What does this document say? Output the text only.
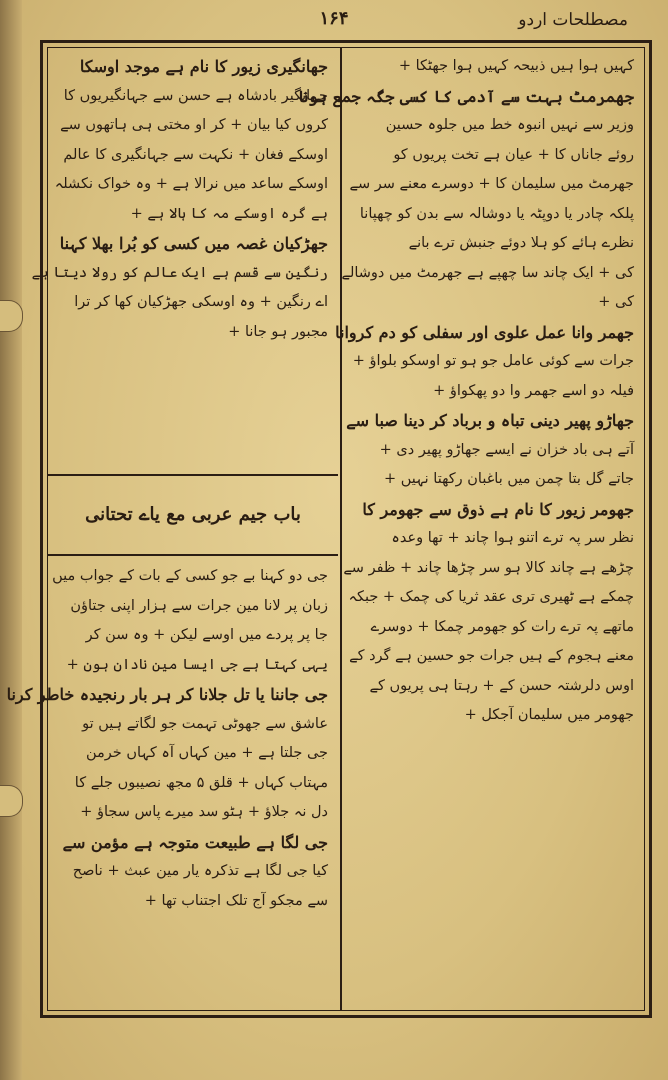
مصطلحات اردو
۱۶۴
کہیں ہوا ہیں ذبیحہ کہیں ہوا جھٹکا +
جھمرمٹ بہت سے آدمی کا کسی جگہ جمع ہونا
وزیر سے نہیں انبوہ خط میں جلوہ حسین
روئے جاناں کا + عیان ہے تخت پریوں کو
جھرمٹ میں سلیمان کا + دوسرے معنے سر سے
پلکہ چادر یا دوپٹہ یا دوشالہ سے بدن کو چھپانا
نظرے ہائے کو ہلا دوئے جنبش ترے بانے
کی + ایک چاند سا چھپے ہے جھرمٹ میں دوشالے
کی +
جھمر وانا عمل علوی اور سفلی کو دم کروانا
جرات سے کوئی عامل جو ہو تو اوسکو بلواؤ +
فیلہ دو اسے جھمر وا دو پھکواؤ +
جھاڑو پھیر دینی تباہ و برباد کر دینا صبا سے
آتے ہی باد خزان نے ایسے جھاڑو پھیر دی +
جاتے گل بتا چمن میں باغبان رکھتا نہیں +
جھومر زیور کا نام ہے ذوق سے جھومر کا
نظر سر پہ ترے اتنو ہوا چاند + تھا وعدہ
چڑھے ہے چاند کالا ہو سر چڑھا چاند + ظفر سے
چمکے ہے ٹھیری تری عقد ثریا کی چمک + جبکہ
ماتھے پہ ترے رات کو جھومر چمکا + دوسرے
معنے ہجوم کے ہیں جرات جو حسین ہے گرد کے
اوس دلرشتہ حسن کے + رہتا ہی پریوں کے
جھومر میں سلیمان آجکل +
جھانگیری زیور کا نام ہے موجد اوسکا
جہانگیر بادشاہ ہے حسن سے جہانگیریوں کا
کروں کیا بیان + کر او مختی ہی ہاتھوں سے
اوسکے فغان + نکہت سے جہانگیری کا عالم
اوسکے ساعد میں نرالا ہے + وہ خواک نکشلہ
ہے گرہ اوسکے مہ کا ہالا ہے +
جھڑکیان غصہ میں کسی کو بُرا بھلا کہنا
رنگین سے قسم ہے ایک عالم کو رولا دیتا ہے
اے رنگین + وہ اوسکی جھڑکیان کھا کر ترا
مجبور ہو جانا +
باب جیم عربی مع یاے تحتانی
جی دو کہنا بے جو کسی کے بات کے جواب میں
زبان پر لانا مین جرات سے ہزار اپنی جتاؤن
جا پر پردے میں اوسے لیکن + وہ سن کر
یہی کہتا ہے جی ایسا مین نادان ہون +
جی جاننا یا تل جلانا کر ہر بار رنجیدہ خاطر کرنا
عاشق سے جھوٹی تہمت جو لگاتے ہیں تو
جی جلتا ہے + مین کہاں آہ کہاں خرمن
مہتاب کہاں + قلق ۵ مجھ نصیبوں جلے کا
دل نہ جلاؤ + ہٹو سد میرے پاس سجاؤ +
جی لگا ہے طبیعت متوجہ ہے مؤمن سے
کیا جی لگا ہے تذکرہ یار مین عبث + ناصح
سے مجکو آج تلک اجتناب تھا +
